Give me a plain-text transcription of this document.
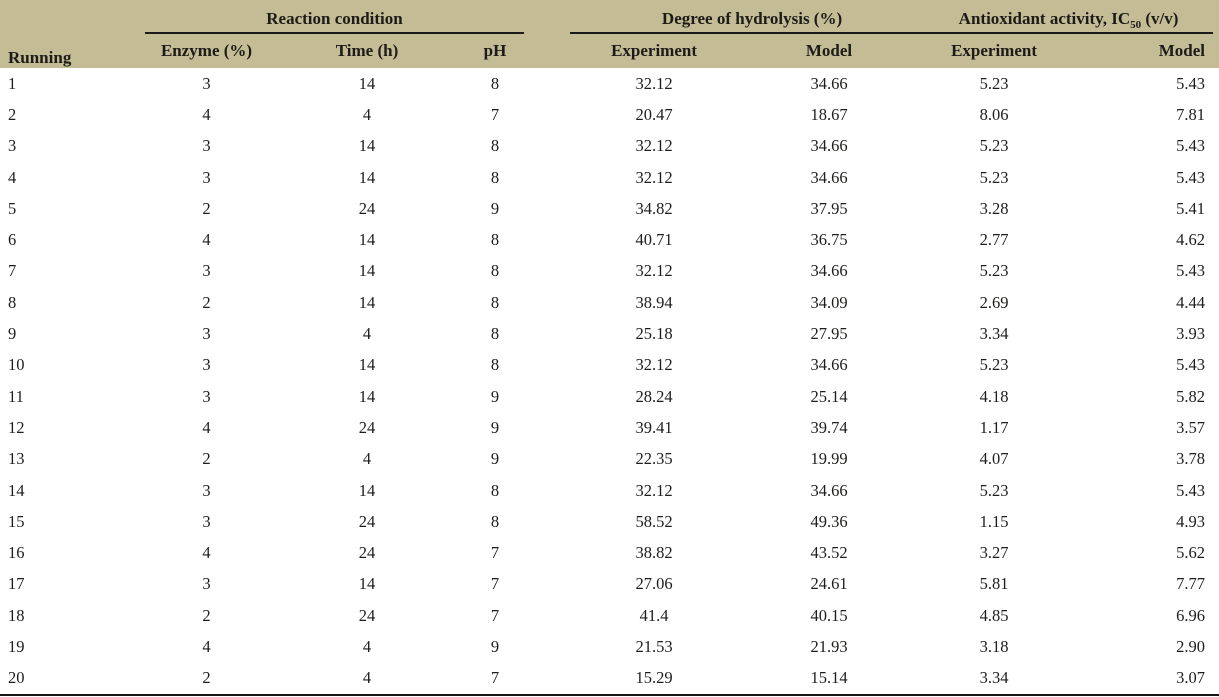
Running	Reaction condition			Degree of hydrolysis (%)		Antioxidant activity, $IC_{50}$ (v/v)	

	Enzyme (%)	Time (h)	pH	Experiment	Model	Experiment	Model
1	3	14	8	32.12	34.66	5.23	5.43
2	4	4	7	20.47	18.67	8.06	7.81
3	3	14	8	32.12	34.66	5.23	5.43
4	3	14	8	32.12	34.66	5.23	5.43
5	2	24	9	34.82	37.95	3.28	5.41
6	4	14	8	40.71	36.75	2.77	4.62
7	3	14	8	32.12	34.66	5.23	5.43
8	2	14	8	38.94	34.09	2.69	4.44
9	3	4	8	25.18	27.95	3.34	3.93
10	3	14	8	32.12	34.66	5.23	5.43
11	3	14	9	28.24	25.14	4.18	5.82
12	4	24	9	39.41	39.74	1.17	3.57
13	2	4	9	22.35	19.99	4.07	3.78
14	3	14	8	32.12	34.66	5.23	5.43
15	3	24	8	58.52	49.36	1.15	4.93
16	4	24	7	38.82	43.52	3.27	5.62
17	3	14	7	27.06	24.61	5.81	7.77
18	2	24	7	41.4	40.15	4.85	6.96
19	4	4	9	21.53	21.93	3.18	2.90
20	2	4	7	15.29	15.14	3.34	3.07
